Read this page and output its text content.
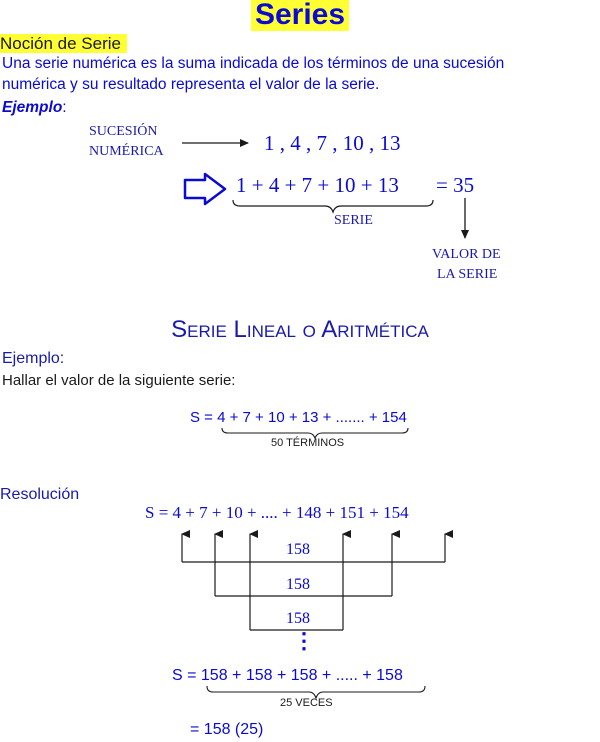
Series
Noción de Serie
Una serie numérica es la suma indicada de los términos de una sucesión
numérica y su resultado representa el valor de la serie.
Ejemplo:
SUCESIÓN
NUMÉRICA	1 , 4 , 7 , 10 , 13
1 + 4 + 7 + 10 + 13 = 35
SERIE
VALOR DE
LA SERIE
Serie Lineal o Aritmética
Ejemplo:
Hallar el valor de la siguiente serie:
S = 4 + 7 + 10 + 13 + ....... + 154
50 TÉRMINOS
Resolución
S = 4 + 7 + 10 + .... + 148 + 151 + 154
158
158
158
⋮
S = 158 + 158 + 158 + ..... + 158
25 VECES
= 158 (25)
